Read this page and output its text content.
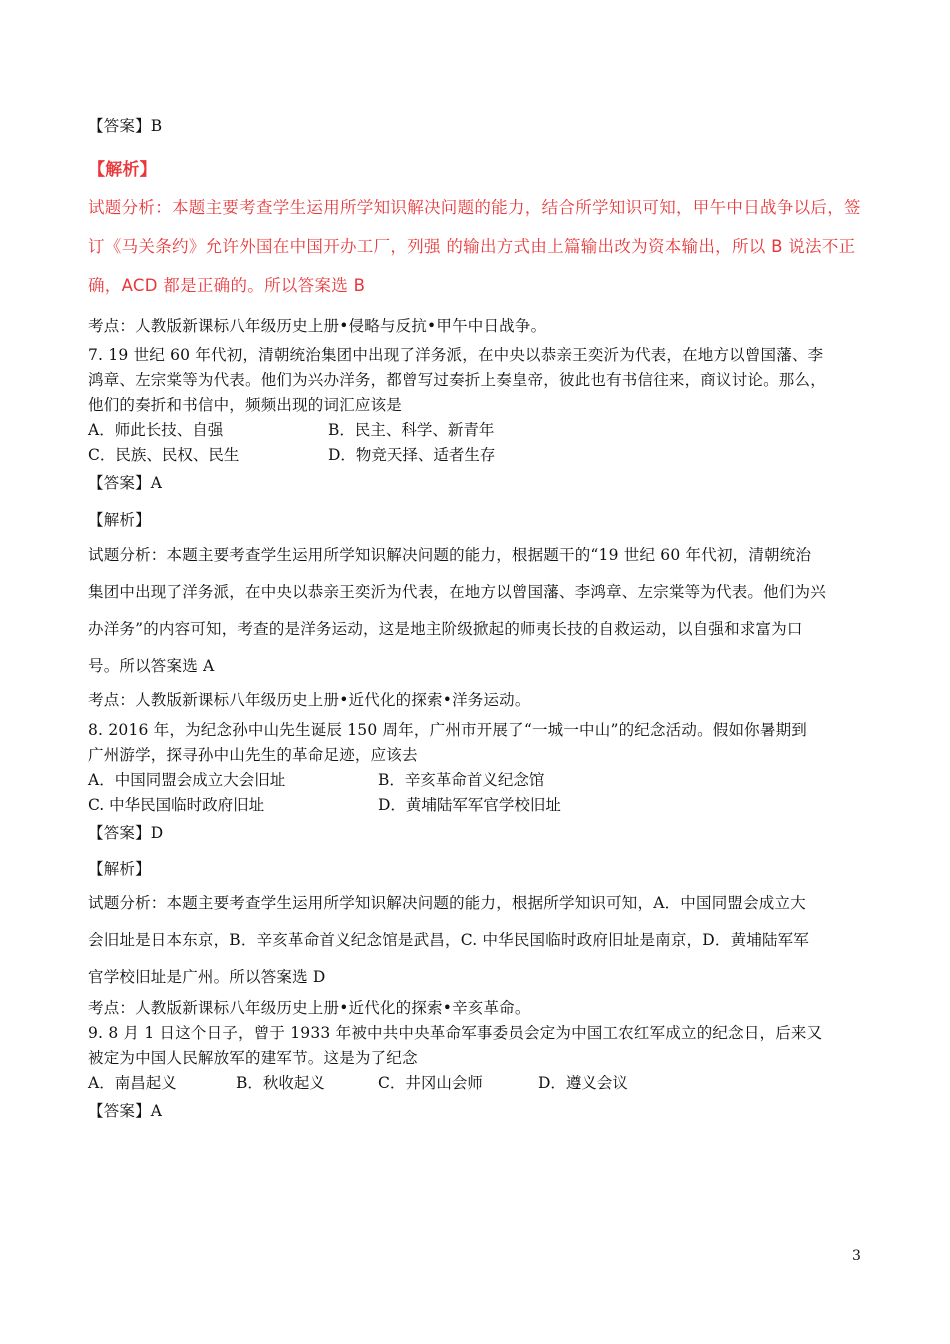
【答案】B
【解析】
试题分析：本题主要考查学生运用所学知识解决问题的能力，结合所学知识可知，甲午中日战争以后，签
订《马关条约》允许外国在中国开办工厂，列强 的输出方式由上篇输出改为资本输出，所以 B 说法不正
确，ACD 都是正确的。所以答案选 B
考点：人教版新课标八年级历史上册•侵略与反抗•甲午中日战争。
7. 19 世纪 60 年代初，清朝统治集团中出现了洋务派，在中央以恭亲王奕沂为代表，在地方以曾国藩、李
鸿章、左宗棠等为代表。他们为兴办洋务，都曾写过奏折上奏皇帝，彼此也有书信往来，商议讨论。那么，
他们的奏折和书信中，频频出现的词汇应该是
A．师此长技、自强	B．民主、科学、新青年
C．民族、民权、民生	D．物竞天择、适者生存
【答案】A
【解析】
试题分析：本题主要考查学生运用所学知识解决问题的能力，根据题干的“19 世纪 60 年代初，清朝统治
集团中出现了洋务派，在中央以恭亲王奕沂为代表，在地方以曾国藩、李鸿章、左宗棠等为代表。他们为兴
办洋务”的内容可知，考查的是洋务运动，这是地主阶级掀起的师夷长技的自救运动，以自强和求富为口
号。所以答案选 A
考点：人教版新课标八年级历史上册•近代化的探索•洋务运动。
8. 2016 年，为纪念孙中山先生诞辰 150 周年，广州市开展了“一城一中山”的纪念活动。假如你暑期到
广州游学，探寻孙中山先生的革命足迹，应该去
A．中国同盟会成立大会旧址	B．辛亥革命首义纪念馆
C. 中华民国临时政府旧址	D．黄埔陆军军官学校旧址
【答案】D
【解析】
试题分析：本题主要考查学生运用所学知识解决问题的能力，根据所学知识可知，A．中国同盟会成立大
会旧址是日本东京，B．辛亥革命首义纪念馆是武昌，C. 中华民国临时政府旧址是南京，D．黄埔陆军军
官学校旧址是广州。所以答案选 D
考点：人教版新课标八年级历史上册•近代化的探索•辛亥革命。
9. 8 月 1 日这个日子，曾于 1933 年被中共中央革命军事委员会定为中国工农红军成立的纪念日，后来又
被定为中国人民解放军的建军节。这是为了纪念
A．南昌起义	B．秋收起义	C．井冈山会师	D．遵义会议
【答案】A
3
